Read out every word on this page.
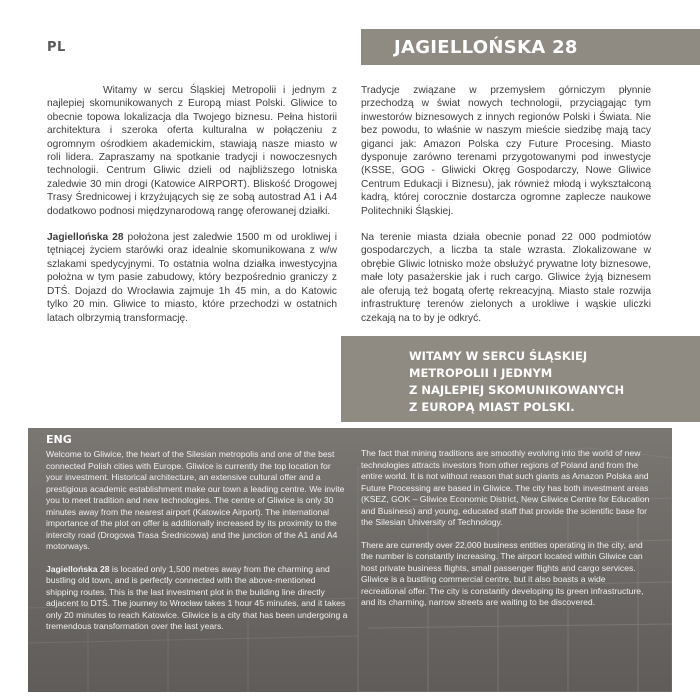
PL	JAGIELLOŃSKA 28

Witamy w sercu Śląskiej Metropolii i jednym z najlepiej skomunikowanych z Europą miast Polski. Gliwice to obecnie topowa lokalizacja dla Twojego biznesu. Pełna historii architektura i szeroka oferta kulturalna w połączeniu z ogromnym ośrodkiem akademickim, stawiają nasze miasto w roli lidera. Zapraszamy na spotkanie tradycji i nowoczesnych technologii. Centrum Gliwic dzieli od najbliższego lotniska zaledwie 30 min drogi (Katowice AIRPORT). Bliskość Drogowej Trasy Średnicowej i krzyżujących się ze sobą autostrad A1 i A4 dodatkowo podnosi międzynarodową rangę oferowanej działki.

Jagiellońska 28 położona jest zaledwie 1500 m od urokliwej i tętniącej życiem starówki oraz idealnie skomunikowana z w/w szlakami spedycyjnymi. To ostatnia wolna działka inwestycyjna położna w tym pasie zabudowy, który bezpośrednio graniczy z DTŚ. Dojazd do Wrocławia zajmuje 1h 45 min, a do Katowic tylko 20 min. Gliwice to miasto, które przechodzi w ostatnich latach olbrzymią transformację.

Tradycje związane w przemysłem górniczym płynnie przechodzą w świat nowych technologii, przyciągając tym inwestorów biznesowych z innych regionów Polski i Świata. Nie bez powodu, to właśnie w naszym mieście siedzibę mają tacy giganci jak: Amazon Polska czy Future Procesing. Miasto dysponuje zarówno terenami przygotowanymi pod inwestycje (KSSE, GOG - Gliwicki Okręg Gospodarczy, Nowe Gliwice Centrum Edukacji i Biznesu), jak również młodą i wykształconą kadrą, której corocznie dostarcza ogromne zaplecze naukowe Politechniki Śląskiej.

Na terenie miasta działa obecnie ponad 22 000 podmiotów gospodarczych, a liczba ta stale wzrasta. Zlokalizowane w obrębie Gliwic lotnisko może obsłużyć prywatne loty biznesowe, małe loty pasażerskie jak i ruch cargo. Gliwice żyją biznesem ale oferują też bogatą ofertę rekreacyjną. Miasto stale rozwija infrastrukturę terenów zielonych a urokliwe i wąskie uliczki czekają na to by je odkryć.

WITAMY W SERCU ŚLĄSKIEJ
METROPOLII I JEDNYM
Z NAJLEPIEJ SKOMUNIKOWANYCH
Z EUROPĄ MIAST POLSKI.
ENG

Welcome to Gliwice, the heart of the Silesian metropolis and one of the best connected Polish cities with Europe. Gliwice is currently the top location for your investment. Historical architecture, an extensive cultural offer and a prestigious academic establishment make our town a leading centre. We invite you to meet tradition and new technologies. The centre of Gliwice is only 30 minutes away from the nearest airport (Katowice Airport). The international importance of the plot on offer is additionally increased by its proximity to the intercity road (Drogowa Trasa Średnicowa) and the junction of the A1 and A4 motorways.

Jagiellońska 28 is located only 1,500 metres away from the charming and bustling old town, and is perfectly connected with the above-mentioned shipping routes. This is the last investment plot in the building line directly adjacent to DTŚ. The journey to Wrocław takes 1 hour 45 minutes, and it takes only 20 minutes to reach Katowice. Gliwice is a city that has been undergoing a tremendous transformation over the last years.

The fact that mining traditions are smoothly evolving into the world of new technologies attracts investors from other regions of Poland and from the entire world. It is not without reason that such giants as Amazon Polska and Future Processing are based in Gliwice. The city has both investment areas (KSEZ, GOK – Gliwice Economic District, New Gliwice Centre for Education and Business) and young, educated staff that provide the scientific base for the Silesian University of Technology.

There are currently over 22,000 business entities operating in the city, and the number is constantly increasing. The airport located within Gliwice can host private business flights, small passenger flights and cargo services. Gliwice is a bustling commercial centre, but it also boasts a wide recreational offer. The city is constantly developing its green infrastructure, and its charming, narrow streets are waiting to be discovered.
